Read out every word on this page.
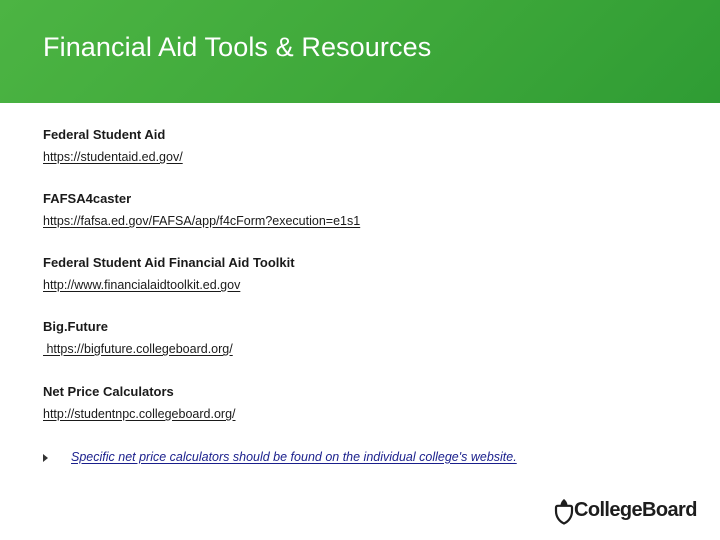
Financial Aid Tools & Resources
Federal Student Aid
https://studentaid.ed.gov/
FAFSA4caster
https://fafsa.ed.gov/FAFSA/app/f4cForm?execution=e1s1
Federal Student Aid Financial Aid Toolkit
http://www.financialaidtoolkit.ed.gov
Big.Future
https://bigfuture.collegeboard.org/
Net Price Calculators
http://studentnpc.collegeboard.org/
Specific net price calculators should be found on the individual college's website.
CollegeBoard
